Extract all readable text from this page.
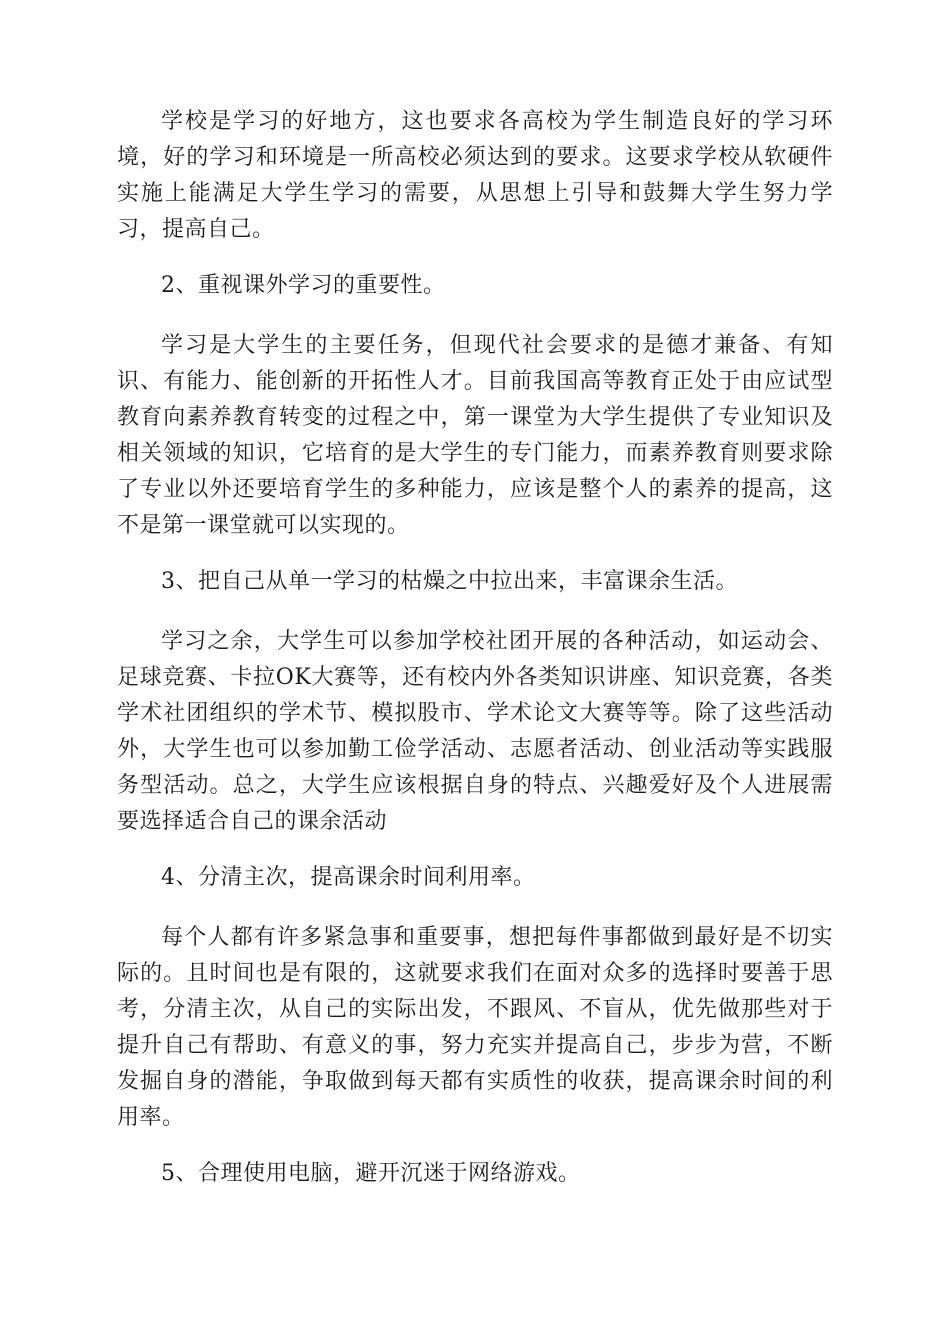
学校是学习的好地方，这也要求各高校为学生制造良好的学习环境，好的学习和环境是一所高校必须达到的要求。这要求学校从软硬件实施上能满足大学生学习的需要，从思想上引导和鼓舞大学生努力学习，提高自己。

2、重视课外学习的重要性。

学习是大学生的主要任务，但现代社会要求的是德才兼备、有知识、有能力、能创新的开拓性人才。目前我国高等教育正处于由应试型教育向素养教育转变的过程之中，第一课堂为大学生提供了专业知识及相关领域的知识，它培育的是大学生的专门能力，而素养教育则要求除了专业以外还要培育学生的多种能力，应该是整个人的素养的提高，这不是第一课堂就可以实现的。

3、把自己从单一学习的枯燥之中拉出来，丰富课余生活。

学习之余，大学生可以参加学校社团开展的各种活动，如运动会、足球竞赛、卡拉OK大赛等，还有校内外各类知识讲座、知识竞赛，各类学术社团组织的学术节、模拟股市、学术论文大赛等等。除了这些活动外，大学生也可以参加勤工俭学活动、志愿者活动、创业活动等实践服务型活动。总之，大学生应该根据自身的特点、兴趣爱好及个人进展需要选择适合自己的课余活动

4、分清主次，提高课余时间利用率。

每个人都有许多紧急事和重要事，想把每件事都做到最好是不切实际的。且时间也是有限的，这就要求我们在面对众多的选择时要善于思考，分清主次，从自己的实际出发，不跟风、不盲从，优先做那些对于提升自己有帮助、有意义的事，努力充实并提高自己，步步为营，不断发掘自身的潜能，争取做到每天都有实质性的收获，提高课余时间的利用率。

5、合理使用电脑，避开沉迷于网络游戏。
